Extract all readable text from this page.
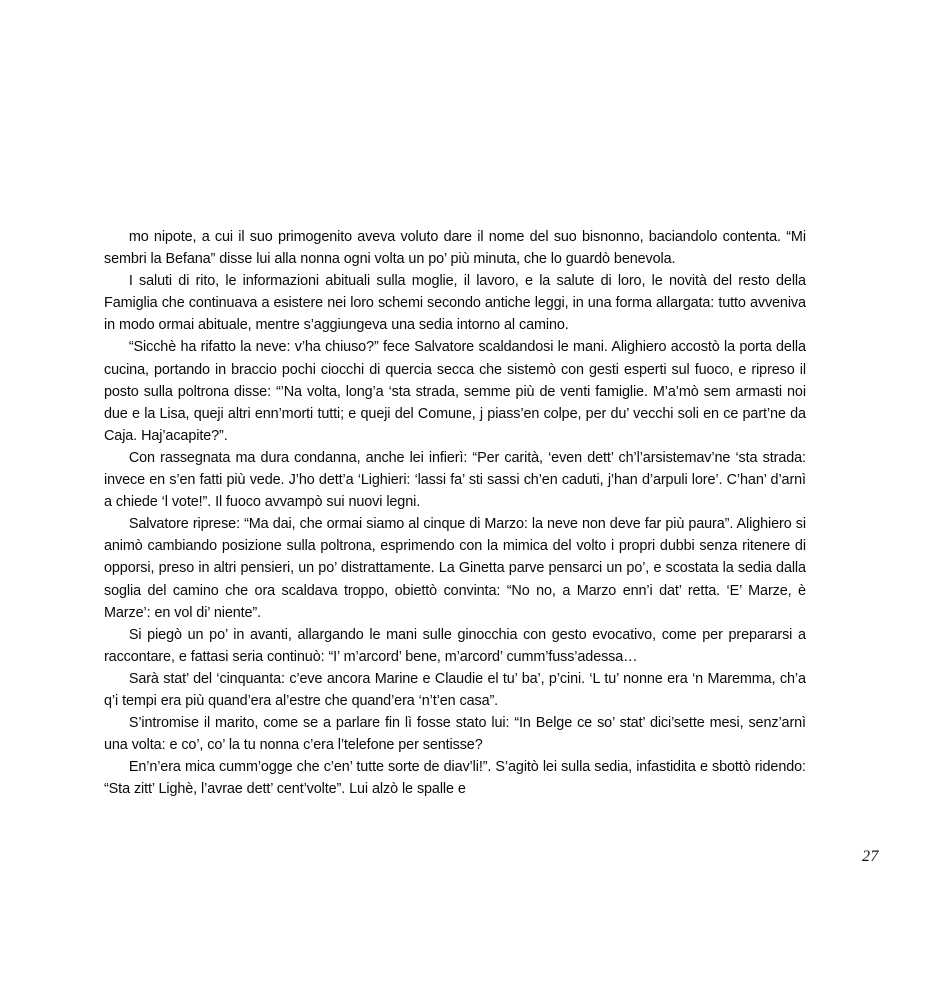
mo nipote, a cui il suo primogenito aveva voluto dare il nome del suo bisnonno, baciandolo contenta. “Mi sembri la Befana” disse lui alla nonna ogni volta un po’ più minuta, che lo guardò benevola.

I saluti di rito, le informazioni abituali sulla moglie, il lavoro, e la salute di loro, le novità del resto della Famiglia che continuava a esistere nei loro schemi secondo antiche leggi, in una forma allargata: tutto avveniva in modo ormai abituale, mentre s’aggiungeva una sedia intorno al camino.

“Sicchè ha rifatto la neve: v’ha chiuso?” fece Salvatore scaldandosi le mani. Alighiero accostò la porta della cucina, portando in braccio pochi ciocchi di quercia secca che sistemò con gesti esperti sul fuoco, e ripreso il posto sulla poltrona disse: “’Na volta, long’a ‘sta strada, semme più de venti famiglie. M’a’mò sem armasti noi due e la Lisa, queji altri enn’morti tutti; e queji del Comune, j piass’en colpe, per du’ vecchi soli en ce part’ne da Caja. Haj’acapite?”.

Con rassegnata ma dura condanna, anche lei infierì: “Per carità, ‘even dett’ ch’l’arsistemav’ne ‘sta strada: invece en s’en fatti più vede. J’ho dett’a ‘Lighieri: ‘lassi fa’ sti sassi ch’en caduti, j’han d’arpuli lore’. C’han’ d’arnì a chiede ‘l vote!”. Il fuoco avvampò sui nuovi legni.

Salvatore riprese: “Ma dai, che ormai siamo al cinque di Marzo: la neve non deve far più paura”. Alighiero si animò cambiando posizione sulla poltrona, esprimendo con la mimica del volto i propri dubbi senza ritenere di opporsi, preso in altri pensieri, un po’ distrattamente. La Ginetta parve pensarci un po’, e scostata la sedia dalla soglia del camino che ora scaldava troppo, obiettò convinta: “No no, a Marzo enn’i dat’ retta. ‘E’ Marze, è Marze’: en vol di’ niente”.

Si piegò un po’ in avanti, allargando le mani sulle ginocchia con gesto evocativo, come per prepararsi a raccontare, e fattasi seria continuò: “I’ m’arcord’ bene, m’arcord’ cumm’fuss’adessa…

Sarà stat’ del ‘cinquanta: c’eve ancora Marine e Claudie el tu’ ba’, p’cini. ‘L tu’ nonne era ‘n Maremma, ch’a q’i tempi era più quand’era al’estre che quand’era ‘n’t’en casa”.

S’intromise il marito, come se a parlare fin lì fosse stato lui: “In Belge ce so’ stat’ dici’sette mesi, senz’arnì una volta: e co’, co’ la tu nonna c’era l’telefone per sentisse?

En’n’era mica cumm’ogge che c’en’ tutte sorte de diav’li!”. S’agitò lei sulla sedia, infastidita e sbottò ridendo: “Sta zitt’ Lighè, l’avrae dett’ cent’volte”. Lui alzò le spalle e

27
